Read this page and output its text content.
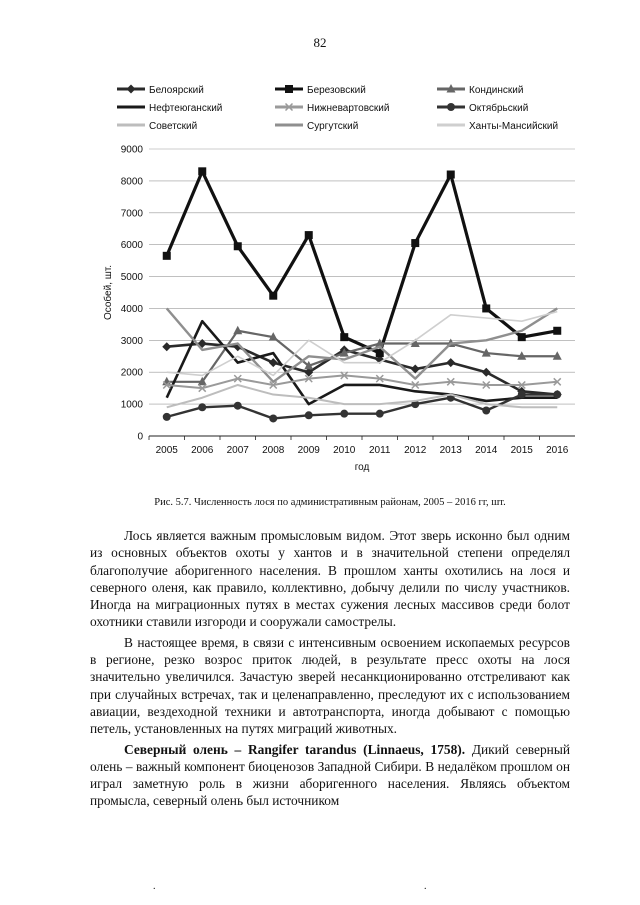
82
0
1000
2000
3000
4000
5000
6000
7000
8000
9000
2005 2006 2007 2008 2009 2010 2011 2012 2013 2014 2015 2016
год
Особей, шт.
Белоярский	Березовский	Кондинский
Нефтеюганский	Нижневартовский	Октябрьский
Советский	Сургутский	Ханты-Мансийский
Рис. 5.7. Численность лося по административным районам, 2005 – 2016 гг, шт.

Лось является важным промысловым видом. Этот зверь исконно был одним из основных объектов охоты у хантов и в значительной степени определял благополучие аборигенного населения. В прошлом ханты охотились на лося и северного оленя, как правило, коллективно, добычу делили по числу участников. Иногда на миграционных путях в местах сужения лесных массивов среди болот охотники ставили изгороди и сооружали самострелы.

В настоящее время, в связи с интенсивным освоением ископаемых ресурсов в регионе, резко возрос приток людей, в результате пресс охоты на лося значительно увеличился. Зачастую зверей несанкционированно отстреливают как при случайных встречах, так и целенаправленно, преследуют их с использованием авиации, вездеходной техники и автотранспорта, иногда добывают с помощью петель, установленных на путях миграций животных.

Северный олень – Rangifer tarandus (Linnaeus, 1758). Дикий северный олень – важный компонент биоценозов Западной Сибири. В недалёком прошлом он играл заметную роль в жизни аборигенного населения. Являясь объектом промысла, северный олень был источником

.	.
